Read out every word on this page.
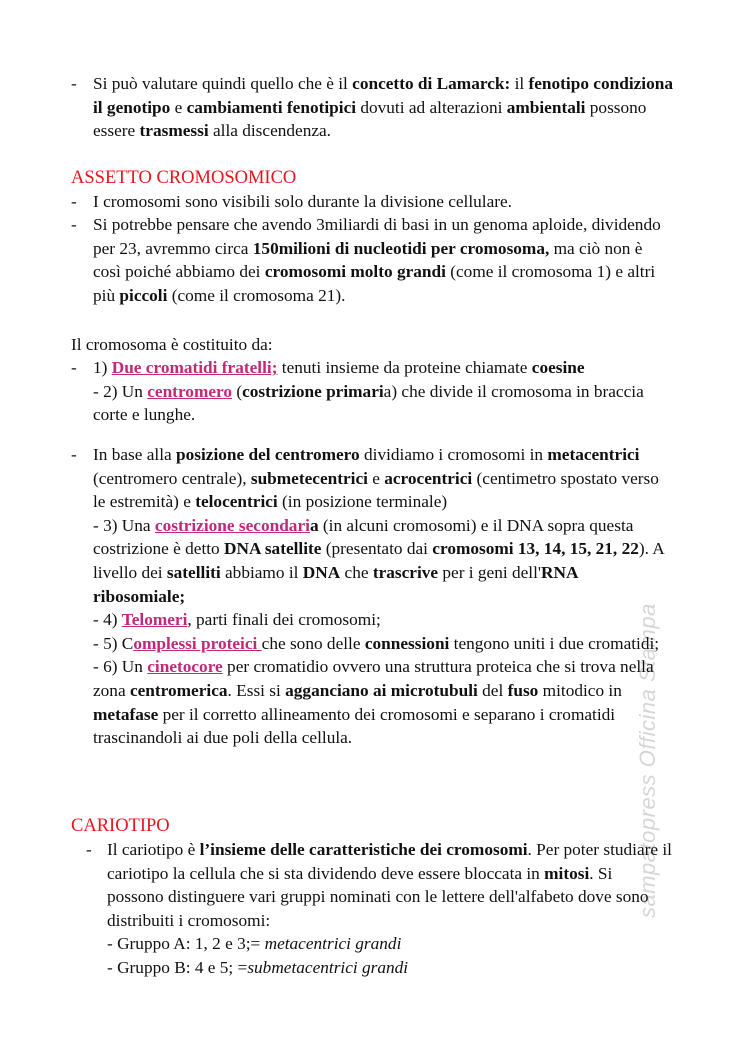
sampatopress Officina Stampa
- Si può valutare quindi quello che è il concetto di Lamarck: il fenotipo condiziona il genotipo e cambiamenti fenotipici dovuti ad alterazioni ambientali possono essere trasmessi alla discendenza.
ASSETTO CROMOSOMICO
- I cromosomi sono visibili solo durante la divisione cellulare.
- Si potrebbe pensare che avendo 3miliardi di basi in un genoma aploide, dividendo per 23, avremmo circa 150milioni di nucleotidi per cromosoma, ma ciò non è così poiché abbiamo dei cromosomi molto grandi (come il cromosoma 1) e altri più piccoli (come il cromosoma 21).
Il cromosoma è costituito da:
- 1) Due cromatidi fratelli; tenuti insieme da proteine chiamate coesine
- 2) Un centromero (costrizione primaria) che divide il cromosoma in braccia corte e lunghe.
- In base alla posizione del centromero dividiamo i cromosomi in metacentrici (centromero centrale), submetecentrici e acrocentrici (centimetro spostato verso le estremità) e telocentrici (in posizione terminale)
- 3) Una costrizione secondaria (in alcuni cromosomi) e il DNA sopra questa costrizione è detto DNA satellite (presentato dai cromosomi 13, 14, 15, 21, 22). A livello dei satelliti abbiamo il DNA che trascrive per i geni dell'RNA ribosomiale;
- 4) Telomeri, parti finali dei cromosomi;
- 5) Complessi proteici che sono delle connessioni tengono uniti i due cromatidi;
- 6) Un cinetocore per cromatidio ovvero una struttura proteica che si trova nella zona centromerica. Essi si agganciano ai microtubuli del fuso mitodico in metafase per il corretto allineamento dei cromosomi e separano i cromatidi trascinandoli ai due poli della cellula.
CARIOTIPO
- Il cariotipo è l’insieme delle caratteristiche dei cromosomi. Per poter studiare il cariotipo la cellula che si sta dividendo deve essere bloccata in mitosi. Si possono distinguere vari gruppi nominati con le lettere dell'alfabeto dove sono distribuiti i cromosomi:
- Gruppo A: 1, 2 e 3;= metacentrici grandi
- Gruppo B: 4 e 5; =submetacentrici grandi
